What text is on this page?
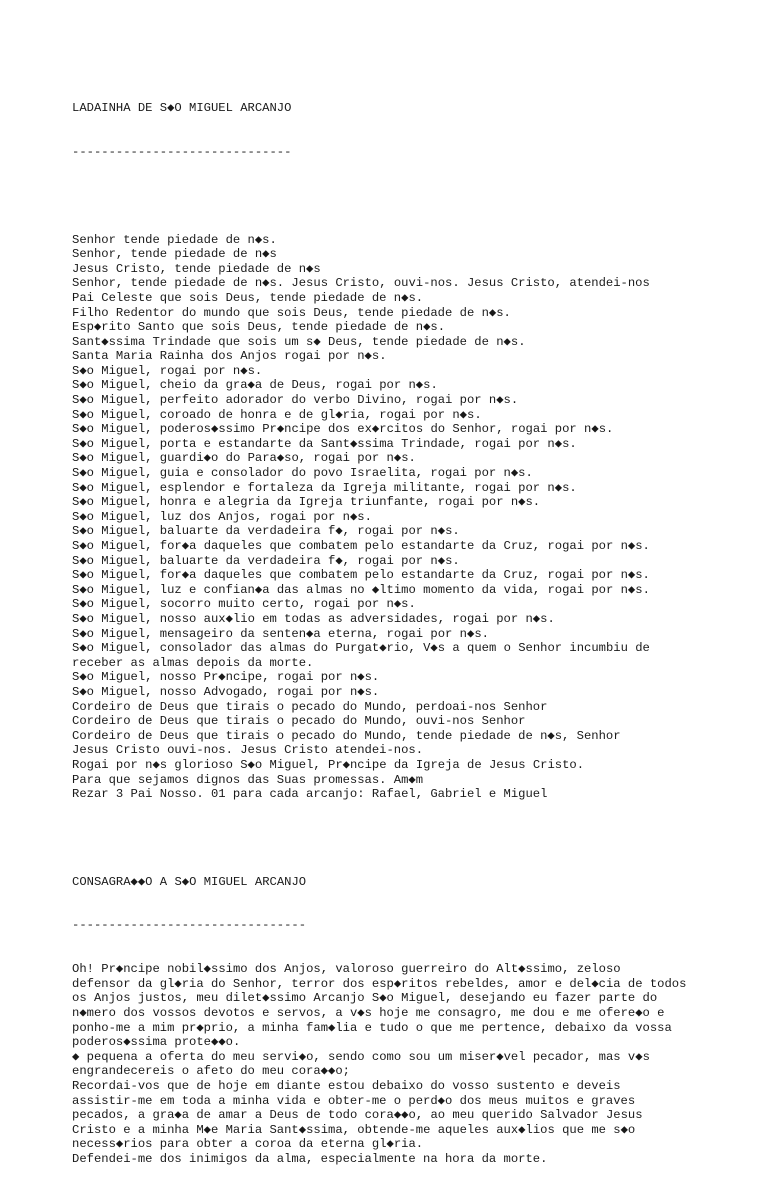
LADAINHA DE S◆O MIGUEL ARCANJO

------------------------------

Senhor tende piedade de n◆s.
Senhor, tende piedade de n◆s
Jesus Cristo, tende piedade de n◆s
Senhor, tende piedade de n◆s. Jesus Cristo, ouvi-nos. Jesus Cristo, atendei-nos
Pai Celeste que sois Deus, tende piedade de n◆s.
Filho Redentor do mundo que sois Deus, tende piedade de n◆s.
Esp◆rito Santo que sois Deus, tende piedade de n◆s.
Sant◆ssima Trindade que sois um s◆ Deus, tende piedade de n◆s.
Santa Maria Rainha dos Anjos rogai por n◆s.
S◆o Miguel, rogai por n◆s.
S◆o Miguel, cheio da gra◆a de Deus, rogai por n◆s.
S◆o Miguel, perfeito adorador do verbo Divino, rogai por n◆s.
S◆o Miguel, coroado de honra e de gl◆ria, rogai por n◆s.
S◆o Miguel, poderos◆ssimo Pr◆ncipe dos ex◆rcitos do Senhor, rogai por n◆s.
S◆o Miguel, porta e estandarte da Sant◆ssima Trindade, rogai por n◆s.
S◆o Miguel, guardi◆o do Para◆so, rogai por n◆s.
S◆o Miguel, guia e consolador do povo Israelita, rogai por n◆s.
S◆o Miguel, esplendor e fortaleza da Igreja militante, rogai por n◆s.
S◆o Miguel, honra e alegria da Igreja triunfante, rogai por n◆s.
S◆o Miguel, luz dos Anjos, rogai por n◆s.
S◆o Miguel, baluarte da verdadeira f◆, rogai por n◆s.
S◆o Miguel, for◆a daqueles que combatem pelo estandarte da Cruz, rogai por n◆s.
S◆o Miguel, baluarte da verdadeira f◆, rogai por n◆s.
S◆o Miguel, for◆a daqueles que combatem pelo estandarte da Cruz, rogai por n◆s.
S◆o Miguel, luz e confian◆a das almas no ◆ltimo momento da vida, rogai por n◆s.
S◆o Miguel, socorro muito certo, rogai por n◆s.
S◆o Miguel, nosso aux◆lio em todas as adversidades, rogai por n◆s.
S◆o Miguel, mensageiro da senten◆a eterna, rogai por n◆s.
S◆o Miguel, consolador das almas do Purgat◆rio, V◆s a quem o Senhor incumbiu de
receber as almas depois da morte.
S◆o Miguel, nosso Pr◆ncipe, rogai por n◆s.
S◆o Miguel, nosso Advogado, rogai por n◆s.
Cordeiro de Deus que tirais o pecado do Mundo, perdoai-nos Senhor
Cordeiro de Deus que tirais o pecado do Mundo, ouvi-nos Senhor
Cordeiro de Deus que tirais o pecado do Mundo, tende piedade de n◆s, Senhor
Jesus Cristo ouvi-nos. Jesus Cristo atendei-nos.
Rogai por n◆s glorioso S◆o Miguel, Pr◆ncipe da Igreja de Jesus Cristo.
Para que sejamos dignos das Suas promessas. Am◆m
Rezar 3 Pai Nosso. 01 para cada arcanjo: Rafael, Gabriel e Miguel

CONSAGRA◆◆O A S◆O MIGUEL ARCANJO

--------------------------------

Oh! Pr◆ncipe nobil◆ssimo dos Anjos, valoroso guerreiro do Alt◆ssimo, zeloso
defensor da gl◆ria do Senhor, terror dos esp◆ritos rebeldes, amor e del◆cia de todos
os Anjos justos, meu dilet◆ssimo Arcanjo S◆o Miguel, desejando eu fazer parte do
n◆mero dos vossos devotos e servos, a v◆s hoje me consagro, me dou e me ofere◆o e
ponho-me a mim pr◆prio, a minha fam◆lia e tudo o que me pertence, debaixo da vossa
poderos◆ssima prote◆◆o.
◆ pequena a oferta do meu servi◆o, sendo como sou um miser◆vel pecador, mas v◆s
engrandecereis o afeto do meu cora◆◆o;
Recordai-vos que de hoje em diante estou debaixo do vosso sustento e deveis
assistir-me em toda a minha vida e obter-me o perd◆o dos meus muitos e graves
pecados, a gra◆a de amar a Deus de todo cora◆◆o, ao meu querido Salvador Jesus
Cristo e a minha M◆e Maria Sant◆ssima, obtende-me aqueles aux◆lios que me s◆o
necess◆rios para obter a coroa da eterna gl◆ria.
Defendei-me dos inimigos da alma, especialmente na hora da morte.
